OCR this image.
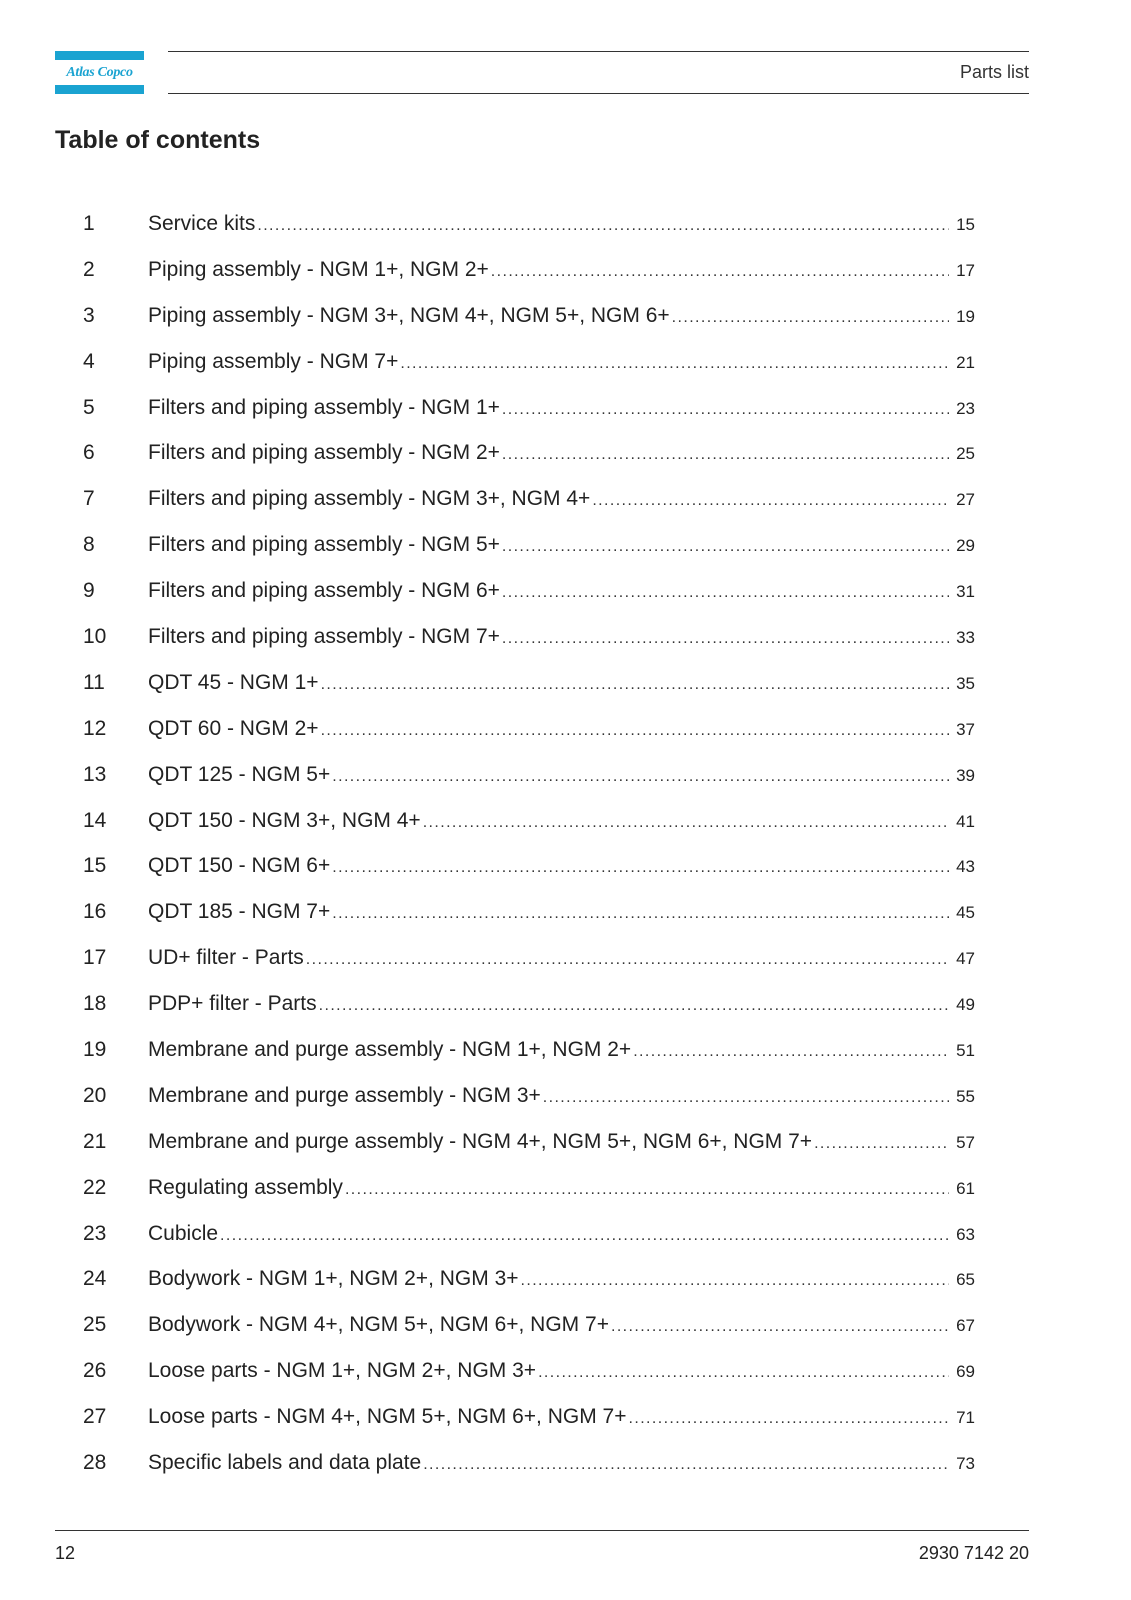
Atlas Copco	Parts list
Table of contents
1	Service kits .....	15
2	Piping assembly - NGM 1+, NGM 2+ .....	17
3	Piping assembly - NGM 3+, NGM 4+, NGM 5+, NGM 6+ .....	19
4	Piping assembly - NGM 7+ .....	21
5	Filters and piping assembly - NGM 1+ .....	23
6	Filters and piping assembly - NGM 2+ .....	25
7	Filters and piping assembly - NGM 3+, NGM 4+ .....	27
8	Filters and piping assembly - NGM 5+ .....	29
9	Filters and piping assembly - NGM 6+ .....	31
10 Filters and piping assembly - NGM 7+ .....	33
11 QDT 45 - NGM 1+ .....	35
12 QDT 60 - NGM 2+ .....	37
13 QDT 125 - NGM 5+ .....	39
14 QDT 150 - NGM 3+, NGM 4+ .....	41
15 QDT 150 - NGM 6+ .....	43
16 QDT 185 - NGM 7+ .....	45
17 UD+ filter - Parts .....	47
18 PDP+ filter - Parts .....	49
19 Membrane and purge assembly - NGM 1+, NGM 2+ .....	51
20 Membrane and purge assembly - NGM 3+ .....	55
21 Membrane and purge assembly - NGM 4+, NGM 5+, NGM 6+, NGM 7+ .....	57
22 Regulating assembly .....	61
23 Cubicle .....	63
24 Bodywork - NGM 1+, NGM 2+, NGM 3+ .....	65
25 Bodywork - NGM 4+, NGM 5+, NGM 6+, NGM 7+ .....	67
26 Loose parts - NGM 1+, NGM 2+, NGM 3+ .....	69
27 Loose parts - NGM 4+, NGM 5+, NGM 6+, NGM 7+ .....	71
28 Specific labels and data plate .....	73
12	2930 7142 20
